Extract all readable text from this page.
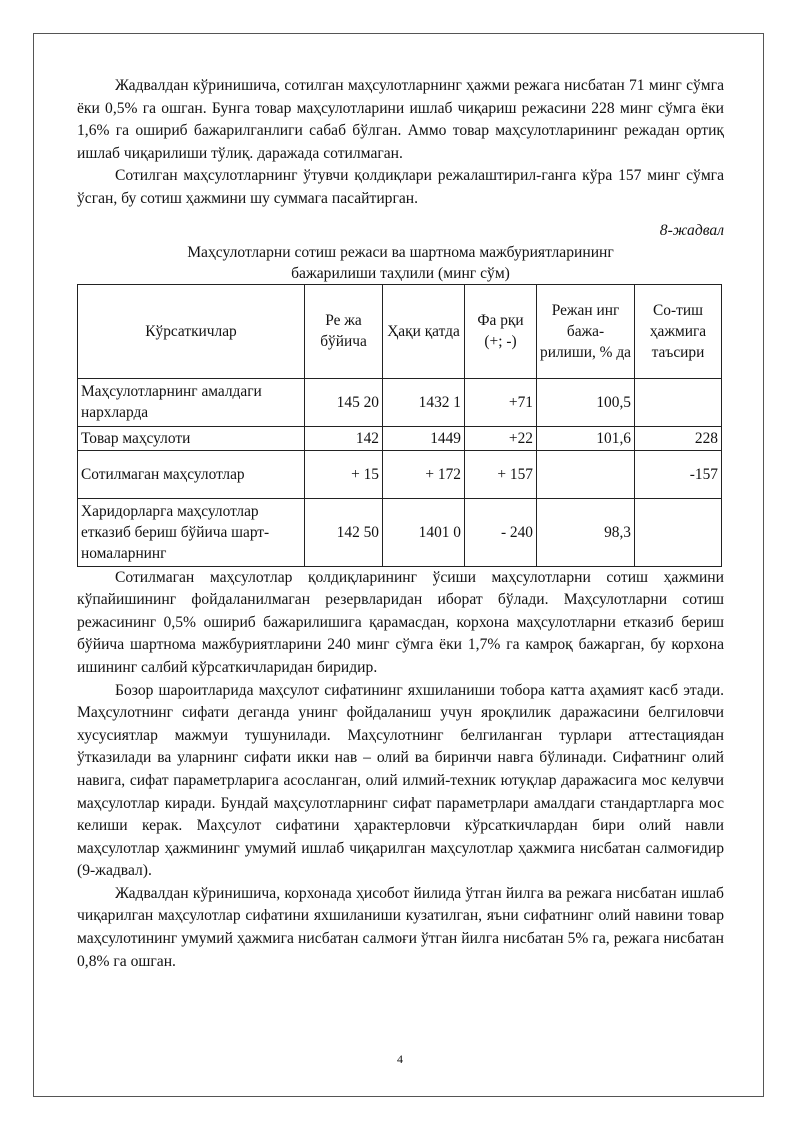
Жадвалдан кўринишича, сотилган маҳсулотларнинг ҳажми режага нисбатан 71 минг сўмга ёки 0,5% га ошган. Бунга товар маҳсулотларини ишлаб чиқариш режасини 228 минг сўмга ёки 1,6% га ошириб бажарилганлиги сабаб бўлган. Аммо товар маҳсулотларининг режадан ортиқ ишлаб чиқарилиши тўлиқ. даражада сотилмаган.

Сотилган маҳсулотларнинг ўтувчи қолдиқлари режалаштирил-ганга кўра 157 минг сўмга ўсган, бу сотиш ҳажмини шу суммага пасайтирган.

8-жадвал
Маҳсулотларни сотиш режаси ва шартнома мажбуриятларининг
бажарилиши таҳлили (минг сўм)
Кўрсаткичлар	Ре жа бўйича	Ҳақи қатда	Фа рқи (+; -)	Режан инг бажа-рилиши, % да	Со-тиш ҳажмига таъсири
Маҳсулотларнинг амалдаги нархларда	145 20	1432 1	+71	100,5	
Товар маҳсулоти	142	1449	+22	101,6	228
Сотилмаган маҳсулотлар	+ 15	+ 172	+ 157		-157
Харидорларга маҳсулотлар етказиб бериш бўйича шарт-номаларнинг	142 50	1401 0	- 240	98,3	

Сотилмаган маҳсулотлар қолдиқларининг ўсиши маҳсулотларни сотиш ҳажмини кўпайишининг фойдаланилмаган резервларидан иборат бўлади. Маҳсулотларни сотиш режасининг 0,5% ошириб бажарилишига қарамасдан, корхона маҳсулотларни етказиб бериш бўйича шартнома мажбуриятларини 240 минг сўмга ёки 1,7% га камроқ бажарган, бу корхона ишининг салбий кўрсаткичларидан биридир.

Бозор шароитларида маҳсулот сифатининг яхшиланиши тобора катта аҳамият касб этади. Маҳсулотнинг сифати деганда унинг фойдаланиш учун яроқлилик даражасини белгиловчи хусусиятлар мажмуи тушунилади. Маҳсулотнинг белгиланган турлари аттестациядан ўтказилади ва уларнинг сифати икки нав – олий ва биринчи навга бўлинади. Сифатнинг олий навига, сифат параметрларига асосланган, олий илмий-техник ютуқлар даражасига мос келувчи маҳсулотлар киради. Бундай маҳсулотларнинг сифат параметрлари амалдаги стандартларга мос келиши керак. Маҳсулот сифатини ҳарактерловчи кўрсаткичлардан бири олий навли маҳсулотлар ҳажмининг умумий ишлаб чиқарилган маҳсулотлар ҳажмига нисбатан салмоғидир (9-жадвал).

Жадвалдан кўринишича, корхонада ҳисобот йилида ўтган йилга ва режага нисбатан ишлаб чиқарилган маҳсулотлар сифатини яхшиланиши кузатилган, яъни сифатнинг олий навини товар маҳсулотининг умумий ҳажмига нисбатан салмоғи ўтган йилга нисбатан 5% га, режага нисбатан 0,8% га ошган.

4
